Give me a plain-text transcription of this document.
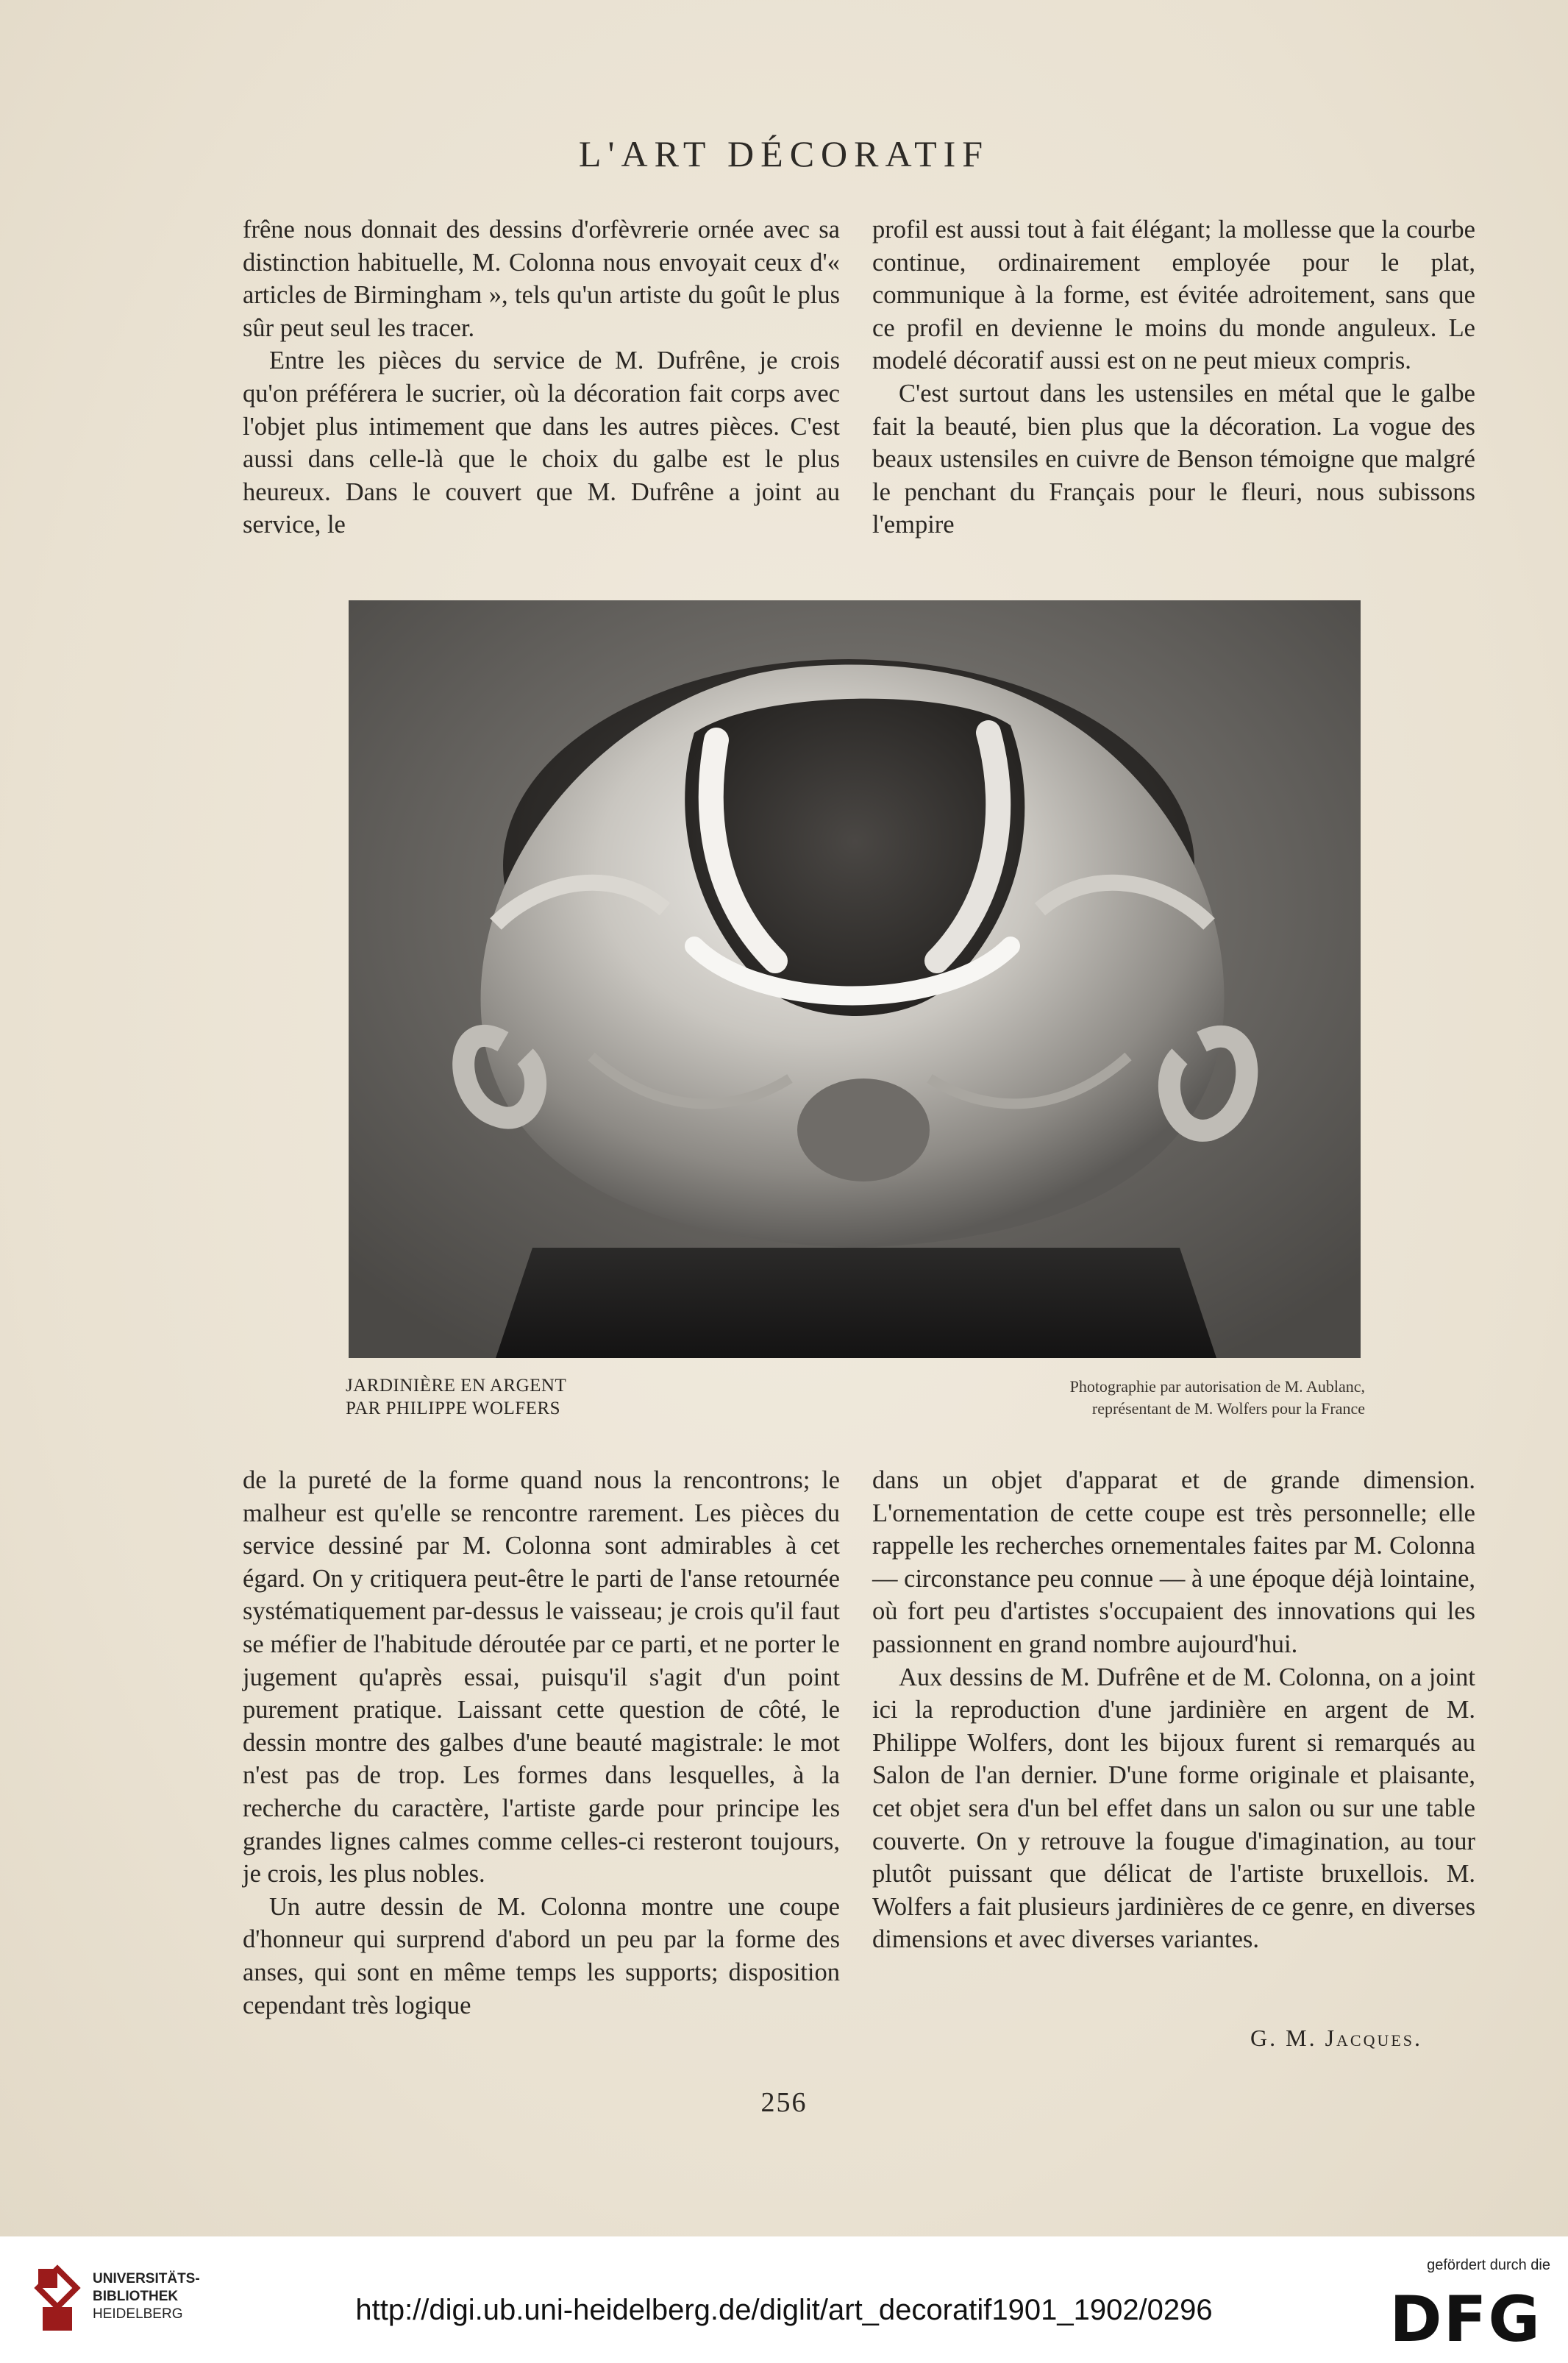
L'ART DÉCORATIF

frêne nous donnait des dessins d'orfèvrerie ornée avec sa distinction habituelle, M. Colonna nous envoyait ceux d'« articles de Birmingham », tels qu'un artiste du goût le plus sûr peut seul les tracer.

Entre les pièces du service de M. Dufrêne, je crois qu'on préférera le sucrier, où la décoration fait corps avec l'objet plus intimement que dans les autres pièces. C'est aussi dans celle-là que le choix du galbe est le plus heureux. Dans le couvert que M. Dufrêne a joint au service, le

profil est aussi tout à fait élégant; la mollesse que la courbe continue, ordinairement employée pour le plat, communique à la forme, est évitée adroitement, sans que ce profil en devienne le moins du monde anguleux. Le modelé décoratif aussi est on ne peut mieux compris.

C'est surtout dans les ustensiles en métal que le galbe fait la beauté, bien plus que la décoration. La vogue des beaux ustensiles en cuivre de Benson témoigne que malgré le penchant du Français pour le fleuri, nous subissons l'empire

JARDINIÈRE EN ARGENT
PAR PHILIPPE WOLFERS
Photographie par autorisation de M. Aublanc,
représentant de M. Wolfers pour la France

de la pureté de la forme quand nous la rencontrons; le malheur est qu'elle se rencontre rarement. Les pièces du service dessiné par M. Colonna sont admirables à cet égard. On y critiquera peut-être le parti de l'anse retournée systématiquement par-dessus le vaisseau; je crois qu'il faut se méfier de l'habitude déroutée par ce parti, et ne porter le jugement qu'après essai, puisqu'il s'agit d'un point purement pratique. Laissant cette question de côté, le dessin montre des galbes d'une beauté magistrale: le mot n'est pas de trop. Les formes dans lesquelles, à la recherche du caractère, l'artiste garde pour principe les grandes lignes calmes comme celles-ci resteront toujours, je crois, les plus nobles.

Un autre dessin de M. Colonna montre une coupe d'honneur qui surprend d'abord un peu par la forme des anses, qui sont en même temps les supports; disposition cependant très logique

dans un objet d'apparat et de grande dimension. L'ornementation de cette coupe est très personnelle; elle rappelle les recherches ornementales faites par M. Colonna — circonstance peu connue — à une époque déjà lointaine, où fort peu d'artistes s'occupaient des innovations qui les passionnent en grand nombre aujourd'hui.

Aux dessins de M. Dufrêne et de M. Colonna, on a joint ici la reproduction d'une jardinière en argent de M. Philippe Wolfers, dont les bijoux furent si remarqués au Salon de l'an dernier. D'une forme originale et plaisante, cet objet sera d'un bel effet dans un salon ou sur une table couverte. On y retrouve la fougue d'imagination, au tour plutôt puissant que délicat de l'artiste bruxellois. M. Wolfers a fait plusieurs jardinières de ce genre, en diverses dimensions et avec diverses variantes.

G. M. Jacques.
256
UNIVERSITÄTS-
BIBLIOTHEK
HEIDELBERG	http://digi.ub.uni-heidelberg.de/diglit/art_decoratif1901_1902/0296
gefördert durch die
DFG
